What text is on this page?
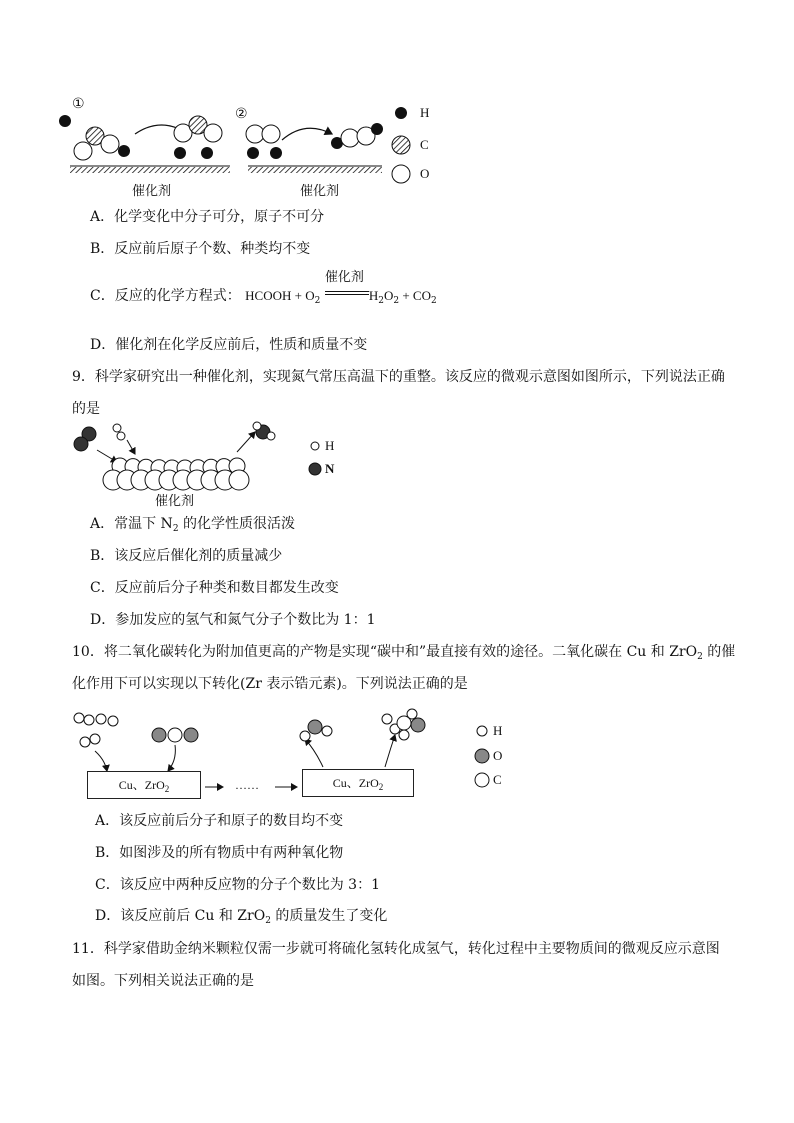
①
②
催化剂	催化剂
H
C
O
A．化学变化中分子可分，原子不可分
B．反应前后原子个数、种类均不变
C．反应的化学方程式： HCOOH + $O_2$
催化剂
$H_2O_2 + CO_2$
D．催化剂在化学反应前后，性质和质量不变
9．科学家研究出一种催化剂，实现氮气常压高温下的重整。该反应的微观示意图如图所示，下列说法正确
的是
催化剂
H
N
A．常温下 $N_2$ 的化学性质很活泼
B．该反应后催化剂的质量减少
C．反应前后分子种类和数目都发生改变
D．参加发应的氢气和氮气分子个数比为 1：1
10．将二氧化碳转化为附加值更高的产物是实现“碳中和”最直接有效的途径。二氧化碳在 Cu 和 ZrO$_2$ 的催
化作用下可以实现以下转化(Zr 表示锆元素)。下列说法正确的是
Cu、ZrO$_2$	……	Cu、ZrO$_2$
H
O
C
A．该反应前后分子和原子的数目均不变
B．如图涉及的所有物质中有两种氧化物
C．该反应中两种反应物的分子个数比为 3：1
D．该反应前后 Cu 和 ZrO$_2$ 的质量发生了变化
11．科学家借助金纳米颗粒仅需一步就可将硫化氢转化成氢气，转化过程中主要物质间的微观反应示意图
如图。下列相关说法正确的是
